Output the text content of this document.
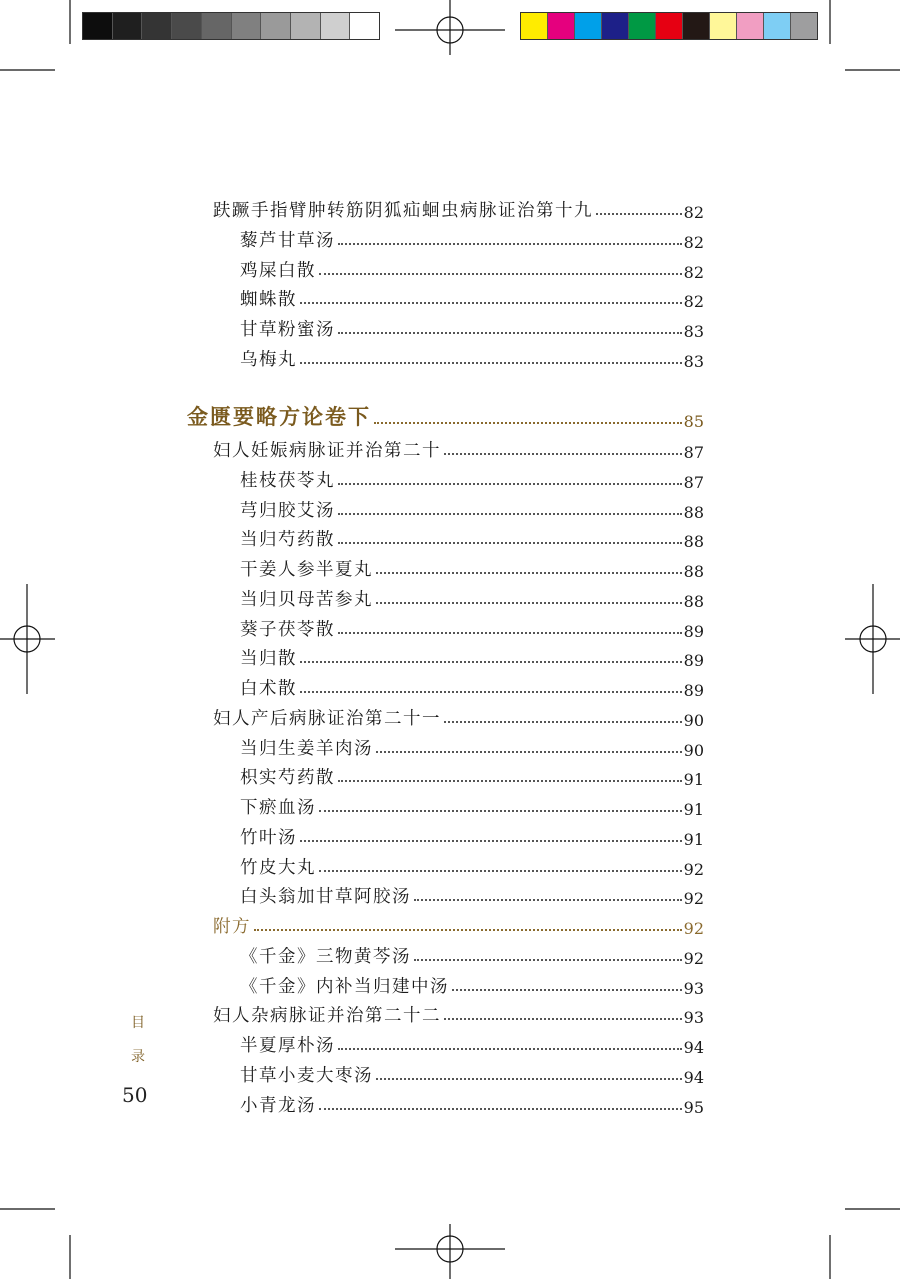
趺蹶手指臂肿转筋阴狐疝蛔虫病脉证治第十九	82
藜芦甘草汤	82
鸡屎白散	82
蜘蛛散	82
甘草粉蜜汤	83
乌梅丸	83
金匮要略方论卷下	85
妇人妊娠病脉证并治第二十	87
桂枝茯苓丸	87
芎归胶艾汤	88
当归芍药散	88
干姜人参半夏丸	88
当归贝母苦参丸	88
葵子茯苓散	89
当归散	89
白术散	89
妇人产后病脉证治第二十一	90
当归生姜羊肉汤	90
枳实芍药散	91
下瘀血汤	91
竹叶汤	91
竹皮大丸	92
白头翁加甘草阿胶汤	92
附方	92
《千金》三物黄芩汤	92
《千金》内补当归建中汤	93
妇人杂病脉证并治第二十二	93
半夏厚朴汤	94
甘草小麦大枣汤	94
小青龙汤	95
目
录
50
